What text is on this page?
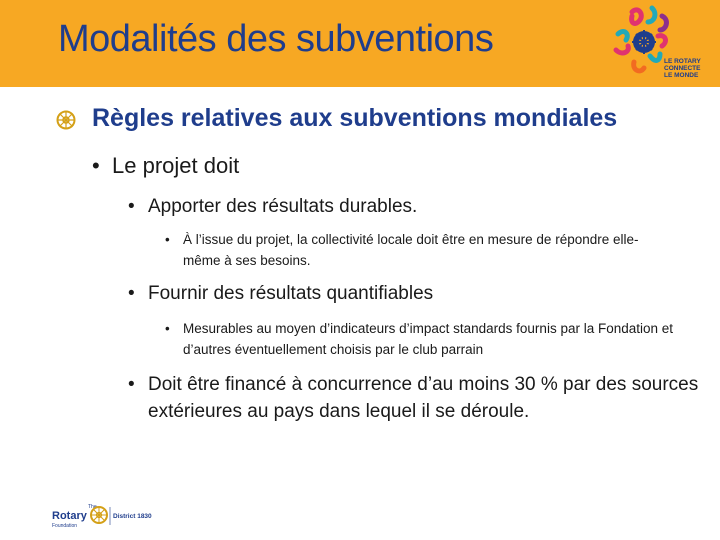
Modalités des subventions
LE ROTARY
CONNECTE
LE MONDE
Règles relatives aux subventions mondiales
• Le projet doit
• Apporter des résultats durables.
• À l’issue du projet, la collectivité locale doit être en mesure de répondre elle-même à ses besoins.
• Fournir des résultats quantifiables
• Mesurables au moyen d’indicateurs d’impact standards fournis par la Fondation et d’autres éventuellement choisis par le club parrain
• Doit être financé à concurrence d’au moins 30 % par des sources extérieures au pays dans lequel il se déroule.
The
Rotary
Foundation
District 1830
